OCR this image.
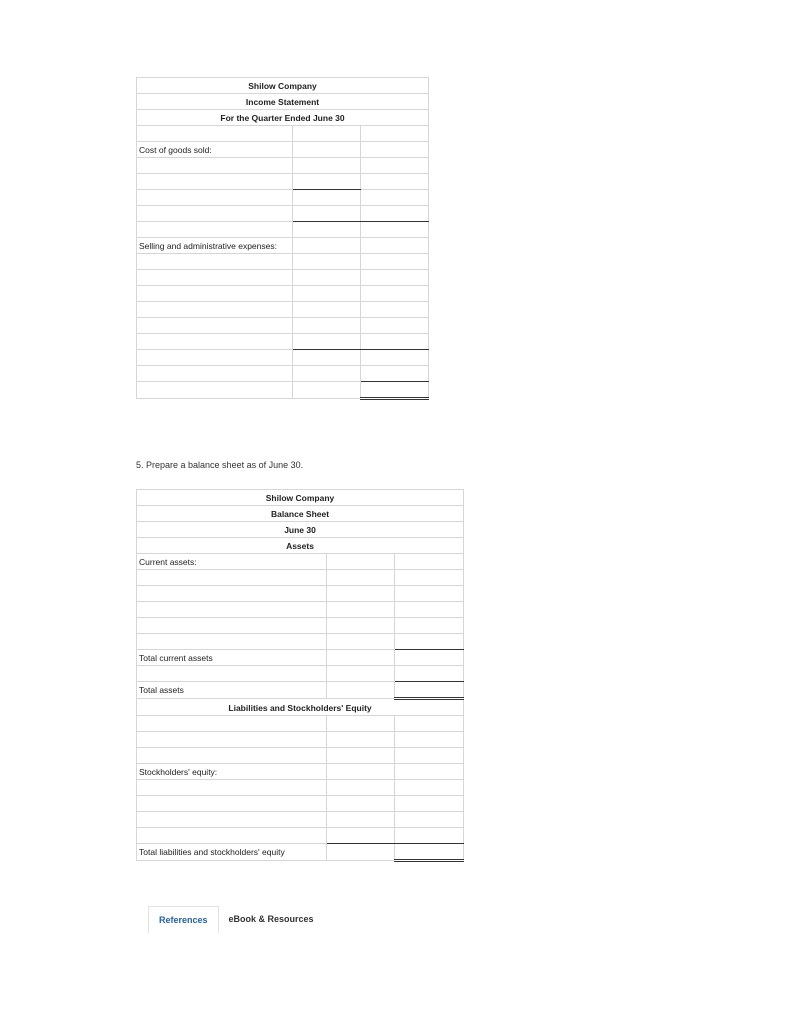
Shilow Company		
Income Statement		
For the Quarter Ended June 30		

Cost of goods sold:		

Selling and administrative expenses:		

5. Prepare a balance sheet as of June 30.
Shilow Company		
Balance Sheet		
June 30		
Assets		
Current assets:		

Total current assets		

Total assets		
Liabilities and Stockholders' Equity		

Stockholders' equity:		

Total liabilities and stockholders' equity		
References	eBook & Resources
